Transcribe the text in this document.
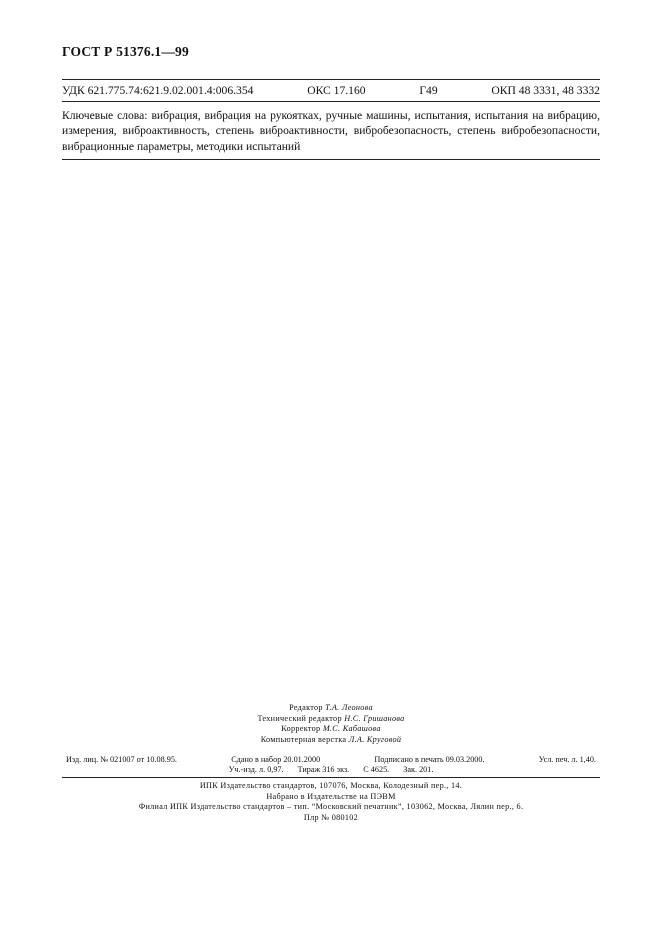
ГОСТ Р 51376.1—99
УДК 621.775.74:621.9.02.001.4:006.354	ОКС 17.160	Г49	ОКП 48 3331, 48 3332
Ключевые слова: вибрация, вибрация на рукоятках, ручные машины, испытания, испытания на вибрацию, измерения, виброактивность, степень виброактивности, вибробезопасность, степень вибробезопасности, вибрационные параметры, методики испытаний
Редактор Т.А. Леонова
Технический редактор Н.С. Гришанова
Корректор М.С. Кабашова
Компьютерная верстка Л.А. Круговой
Изд. лиц. № 021007 от 10.08.95.	Сдано в набор 20.01.2000	Подписано в печать 09.03.2000.	Усл. печ. л. 1,40.
Уч.-изд. л. 0,97. Тираж 316 экз. С 4625. Зак. 201.
ИПК Издательство стандартов, 107076, Москва, Колодезный пер., 14.
Набрано в Издательстве на ПЭВМ
Филиал ИПК Издательство стандартов – тип. “Московский печатник”, 103062, Москва, Лялин пер., 6.
Плр № 080102
